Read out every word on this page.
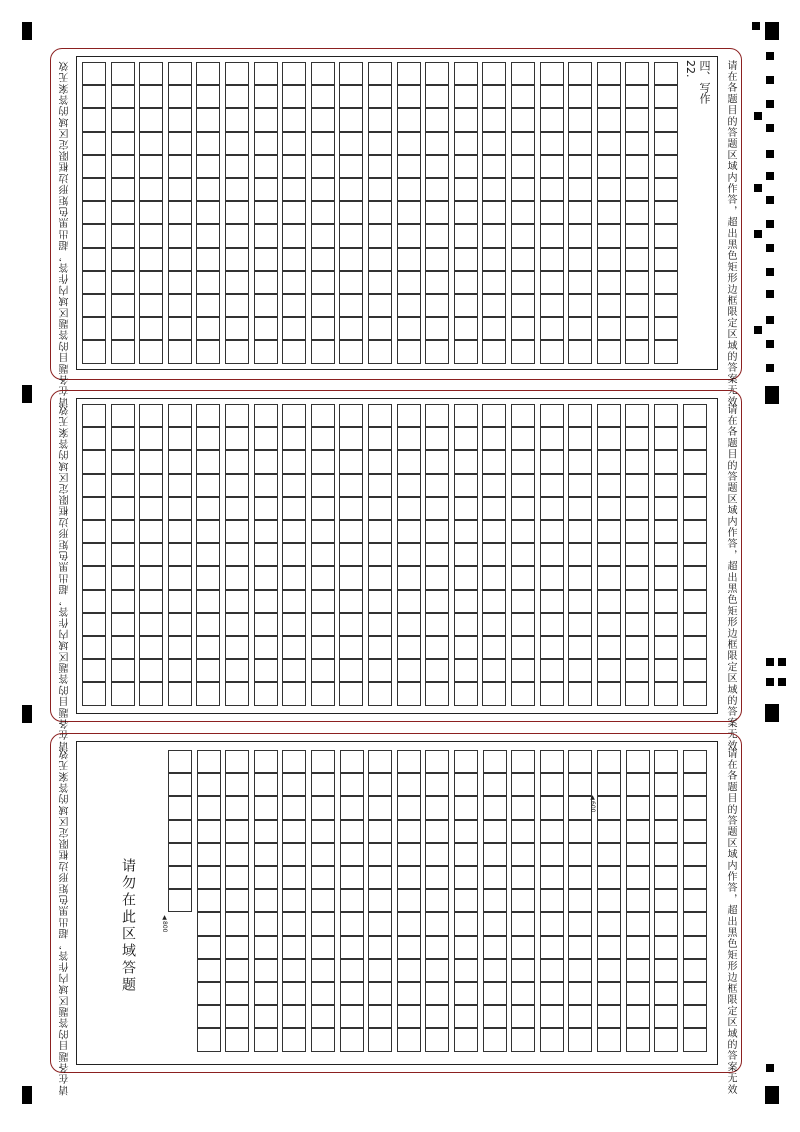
请在各题目的答题区域内作答，超出黑色矩形边框限定区域的答案无效
请在各题目的答题区域内作答，超出黑色矩形边框限定区域的答案无效	四、写作
22.
请在各题目的答题区域内作答，超出黑色矩形边框限定区域的答案无效
请在各题目的答题区域内作答，超出黑色矩形边框限定区域的答案无效
请在各题目的答题区域内作答，超出黑色矩形边框限定区域的答案无效
请在各题目的答题区域内作答，超出黑色矩形边框限定区域的答案无效	请勿在此区域答题
▲600
▲800
